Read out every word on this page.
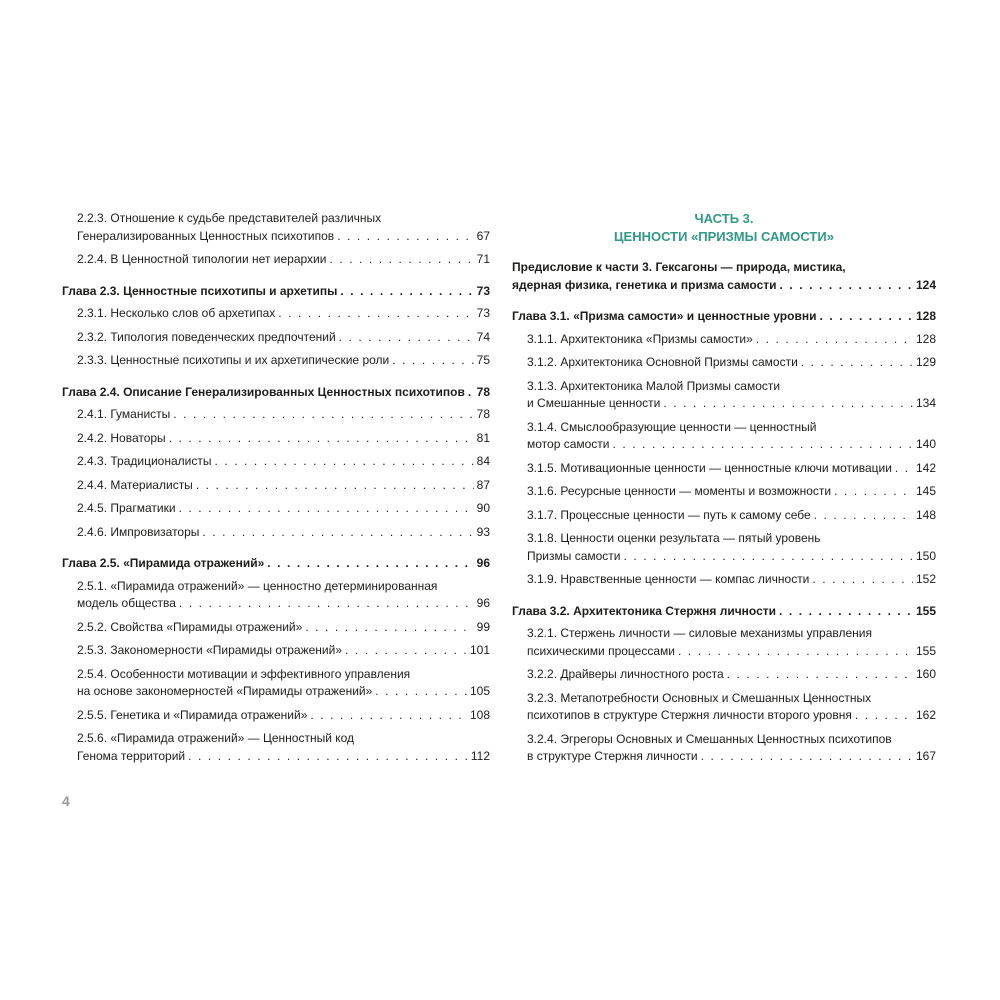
2.2.3. Отношение к судьбе представителей различных
Генерализированных Ценностных психотипов . . .	67
2.2.4. В Ценностной типологии нет иерархии . . .	71
Глава 2.3. Ценностные психотипы и архетипы . . .	73
2.3.1. Несколько слов об архетипах . . .	73
2.3.2. Типология поведенческих предпочтений . . .	74
2.3.3. Ценностные психотипы и их архетипические роли . . .	75
Глава 2.4. Описание Генерализированных Ценностных психотипов . . . 78
2.4.1. Гуманисты . . .	78
2.4.2. Новаторы . . .	81
2.4.3. Традиционалисты . . .	84
2.4.4. Материалисты . . .	87
2.4.5. Прагматики . . .	90
2.4.6. Импровизаторы . . .	93
Глава 2.5. «Пирамида отражений» . . .	96
2.5.1. «Пирамида отражений» — ценностно детерминированная
модель общества . . .	96
2.5.2. Свойства «Пирамиды отражений» . . .	99
2.5.3. Закономерности «Пирамиды отражений» . . .	101
2.5.4. Особенности мотивации и эффективного управления
на основе закономерностей «Пирамиды отражений» . . .	105
2.5.5. Генетика и «Пирамида отражений» . . .	108
2.5.6. «Пирамида отражений» — Ценностный код
Генома территорий . . .	112
ЧАСТЬ 3.
ЦЕННОСТИ «ПРИЗМЫ САМОСТИ»
Предисловие к части 3. Гексагоны — природа, мистика,
ядерная физика, генетика и призма самости . . .	124
Глава 3.1. «Призма самости» и ценностные уровни . . .	128
3.1.1. Архитектоника «Призмы самости» . . .	128
3.1.2. Архитектоника Основной Призмы самости . . .	129
3.1.3. Архитектоника Малой Призмы самости
и Смешанные ценности . . .	134
3.1.4. Смыслообразующие ценности — ценностный
мотор самости . . .	140
3.1.5. Мотивационные ценности — ценностные ключи мотивации . . . 142
3.1.6. Ресурсные ценности — моменты и возможности . . .	145
3.1.7. Процессные ценности — путь к самому себе . . .	148
3.1.8. Ценности оценки результата — пятый уровень
Призмы самости . . .	150
3.1.9. Нравственные ценности — компас личности . . .	152
Глава 3.2. Архитектоника Стержня личности . . .	155
3.2.1. Стержень личности — силовые механизмы управления
психическими процессами . . .	155
3.2.2. Драйверы личностного роста . . .	160
3.2.3. Метапотребности Основных и Смешанных Ценностных
психотипов в структуре Стержня личности второго уровня . . .	162
3.2.4. Эгрегоры Основных и Смешанных Ценностных психотипов
в структуре Стержня личности . . .	167
4
